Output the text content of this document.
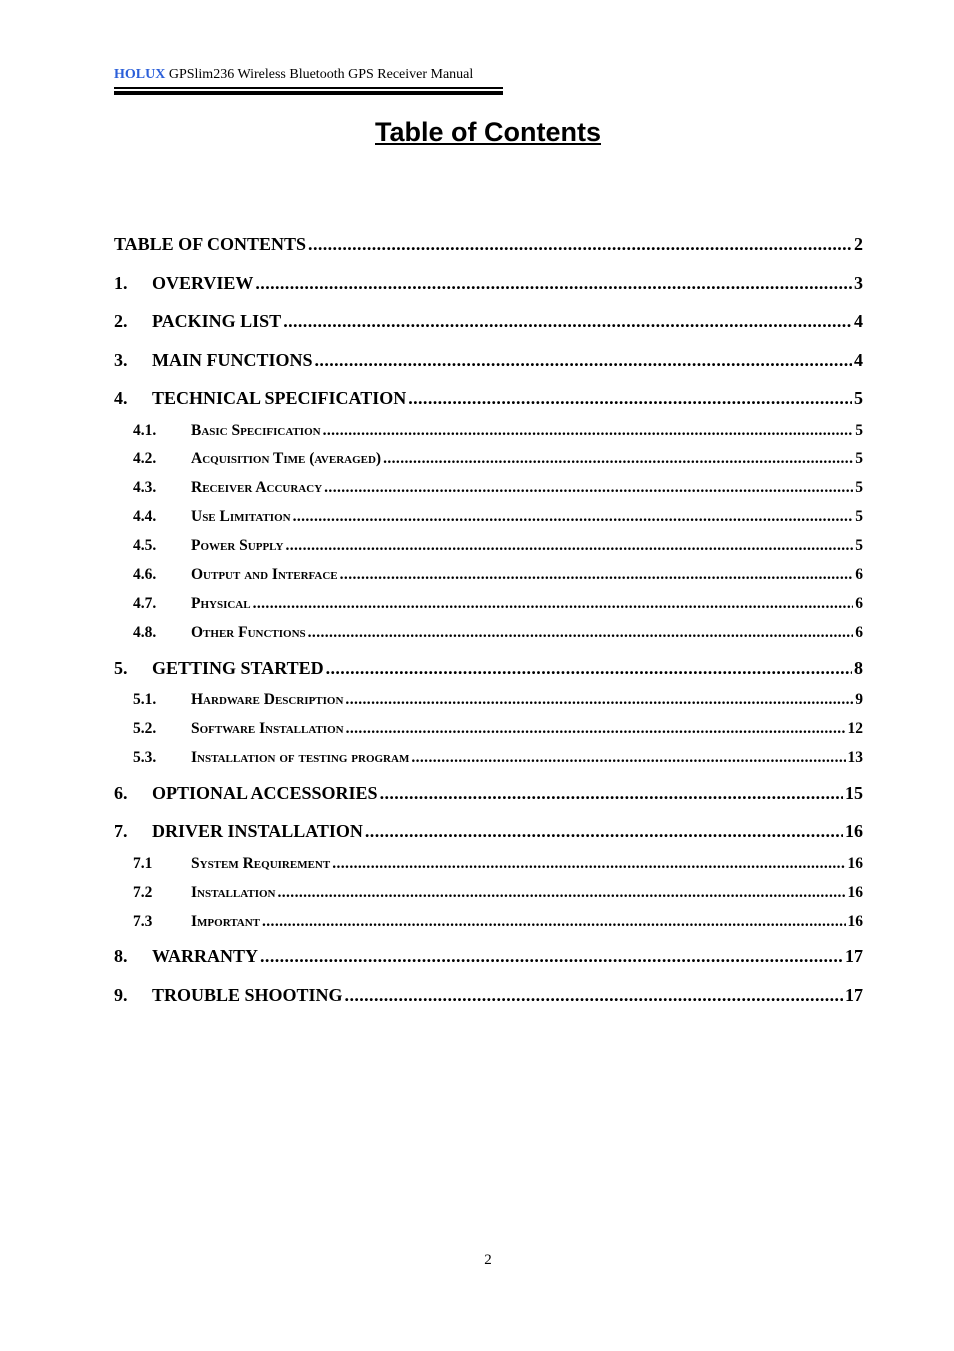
HOLUX GPSlim236 Wireless Bluetooth GPS Receiver Manual
Table of Contents
TABLE OF CONTENTS .....	2
1.	OVERVIEW .....	3
2.	PACKING LIST .....	4
3.	MAIN FUNCTIONS .....	4
4.	TECHNICAL SPECIFICATION .....	5
4.1.	Basic Specification .....	5
4.2.	Acquisition Time (averaged) .....	5
4.3.	Receiver Accuracy .....	5
4.4.	Use Limitation .....	5
4.5.	Power Supply .....	5
4.6.	Output and Interface .....	6
4.7.	Physical .....	6
4.8.	Other Functions .....	6
5.	GETTING STARTED .....	8
5.1.	Hardware Description .....	9
5.2.	Software Installation .....	12
5.3.	Installation of testing program .....	13
6.	OPTIONAL ACCESSORIES .....	15
7.	DRIVER INSTALLATION .....	16
7.1	System Requirement .....	16
7.2	Installation .....	16
7.3	Important .....	16
8.	WARRANTY .....	17
9.	TROUBLE SHOOTING .....	17
2
